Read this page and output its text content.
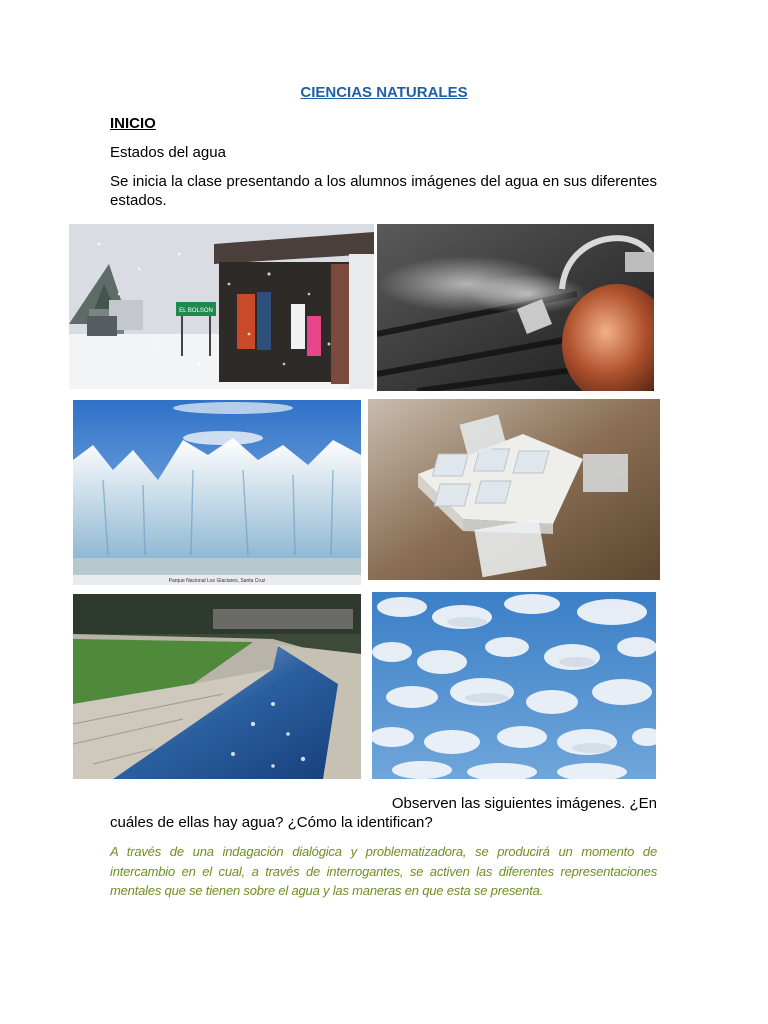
CIENCIAS NATURALES
INICIO
Estados del agua
Se inicia la clase presentando a los alumnos imágenes del agua en sus diferentes estados.
EL BOLSON
Parque Nacional Los Glaciares, Santa Cruz
Observen las siguientes imágenes. ¿En
cuáles de ellas hay agua? ¿Cómo la identifican?
A través de una indagación dialógica y problematizadora, se producirá un momento de intercambio en el cual, a través de interrogantes, se activen las diferentes representaciones mentales que se tienen sobre el agua y las maneras en que esta se presenta.
